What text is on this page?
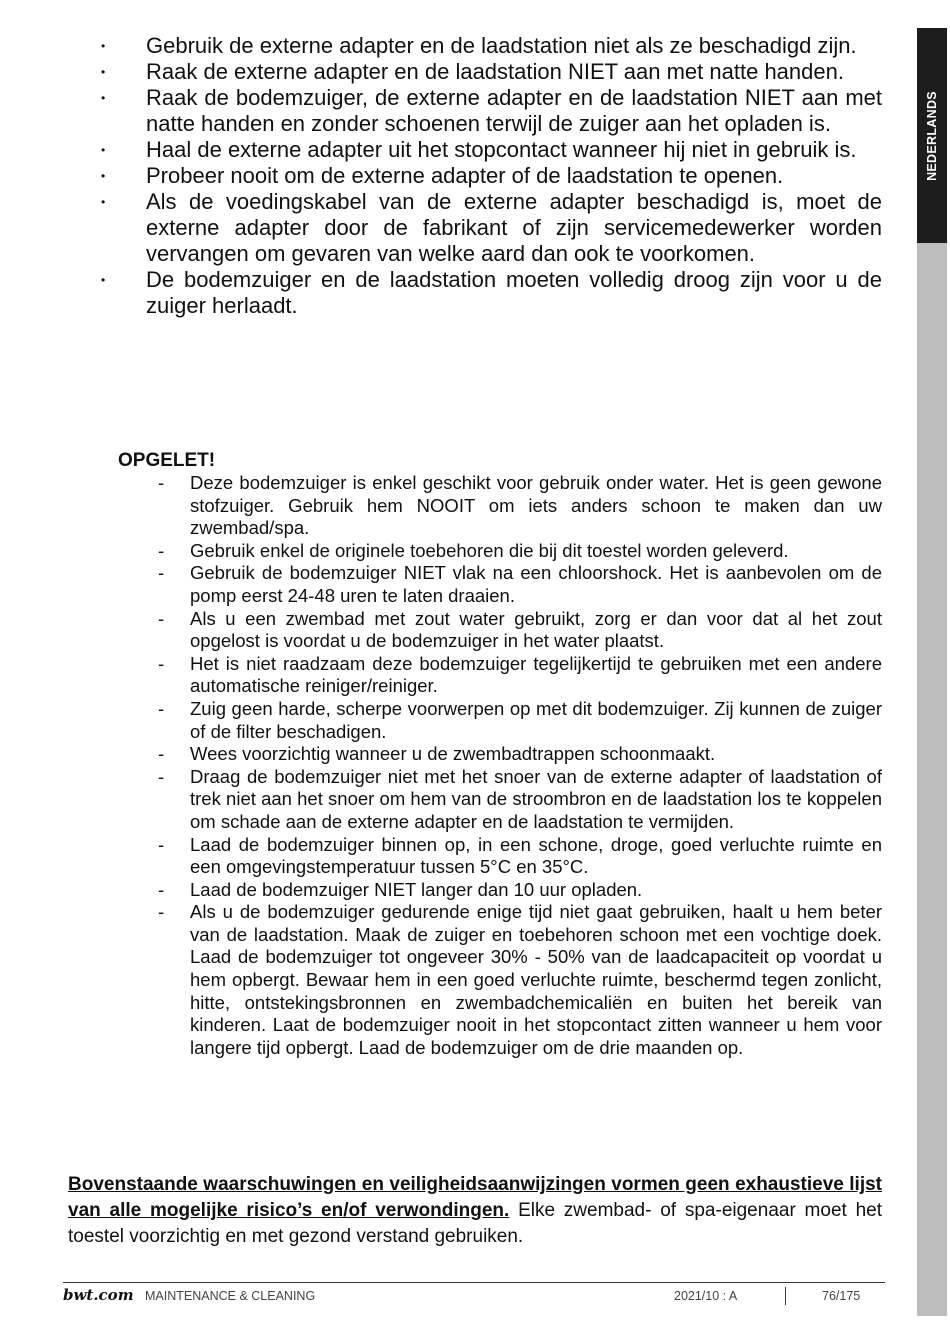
NEDERLANDS
• Gebruik de externe adapter en de laadstation niet als ze beschadigd zijn.
• Raak de externe adapter en de laadstation NIET aan met natte handen.
• Raak de bodemzuiger, de externe adapter en de laadstation NIET aan met natte handen en zonder schoenen terwijl de zuiger aan het opladen is.
• Haal de externe adapter uit het stopcontact wanneer hij niet in gebruik is.
• Probeer nooit om de externe adapter of de laadstation te openen.
• Als de voedingskabel van de externe adapter beschadigd is, moet de externe adapter door de fabrikant of zijn servicemedewerker worden vervangen om gevaren van welke aard dan ook te voorkomen.
• De bodemzuiger en de laadstation moeten volledig droog zijn voor u de zuiger herlaadt.
OPGELET!
- Deze bodemzuiger is enkel geschikt voor gebruik onder water. Het is geen gewone stofzuiger. Gebruik hem NOOIT om iets anders schoon te maken dan uw zwembad/spa.
- Gebruik enkel de originele toebehoren die bij dit toestel worden geleverd.
- Gebruik de bodemzuiger NIET vlak na een chloorshock. Het is aanbevolen om de pomp eerst 24-48 uren te laten draaien.
- Als u een zwembad met zout water gebruikt, zorg er dan voor dat al het zout opgelost is voordat u de bodemzuiger in het water plaatst.
- Het is niet raadzaam deze bodemzuiger tegelijkertijd te gebruiken met een andere automatische reiniger/reiniger.
- Zuig geen harde, scherpe voorwerpen op met dit bodemzuiger. Zij kunnen de zuiger of de filter beschadigen.
- Wees voorzichtig wanneer u de zwembadtrappen schoonmaakt.
- Draag de bodemzuiger niet met het snoer van de externe adapter of laadstation of trek niet aan het snoer om hem van de stroombron en de laadstation los te koppelen om schade aan de externe adapter en de laadstation te vermijden.
- Laad de bodemzuiger binnen op, in een schone, droge, goed verluchte ruimte en een omgevingstemperatuur tussen 5°C en 35°C.
- Laad de bodemzuiger NIET langer dan 10 uur opladen.
- Als u de bodemzuiger gedurende enige tijd niet gaat gebruiken, haalt u hem beter van de laadstation. Maak de zuiger en toebehoren schoon met een vochtige doek. Laad de bodemzuiger tot ongeveer 30% - 50% van de laadcapaciteit op voordat u hem opbergt. Bewaar hem in een goed verluchte ruimte, beschermd tegen zonlicht, hitte, ontstekingsbronnen en zwembadchemicaliën en buiten het bereik van kinderen. Laat de bodemzuiger nooit in het stopcontact zitten wanneer u hem voor langere tijd opbergt. Laad de bodemzuiger om de drie maanden op.

Bovenstaande waarschuwingen en veiligheidsaanwijzingen vormen geen exhaustieve lijst van alle mogelijke risico’s en/of verwondingen. Elke zwembad- of spa-eigenaar moet het toestel voorzichtig en met gezond verstand gebruiken.

bwt.com MAINTENANCE & CLEANING	2021/10 : A	76/175
